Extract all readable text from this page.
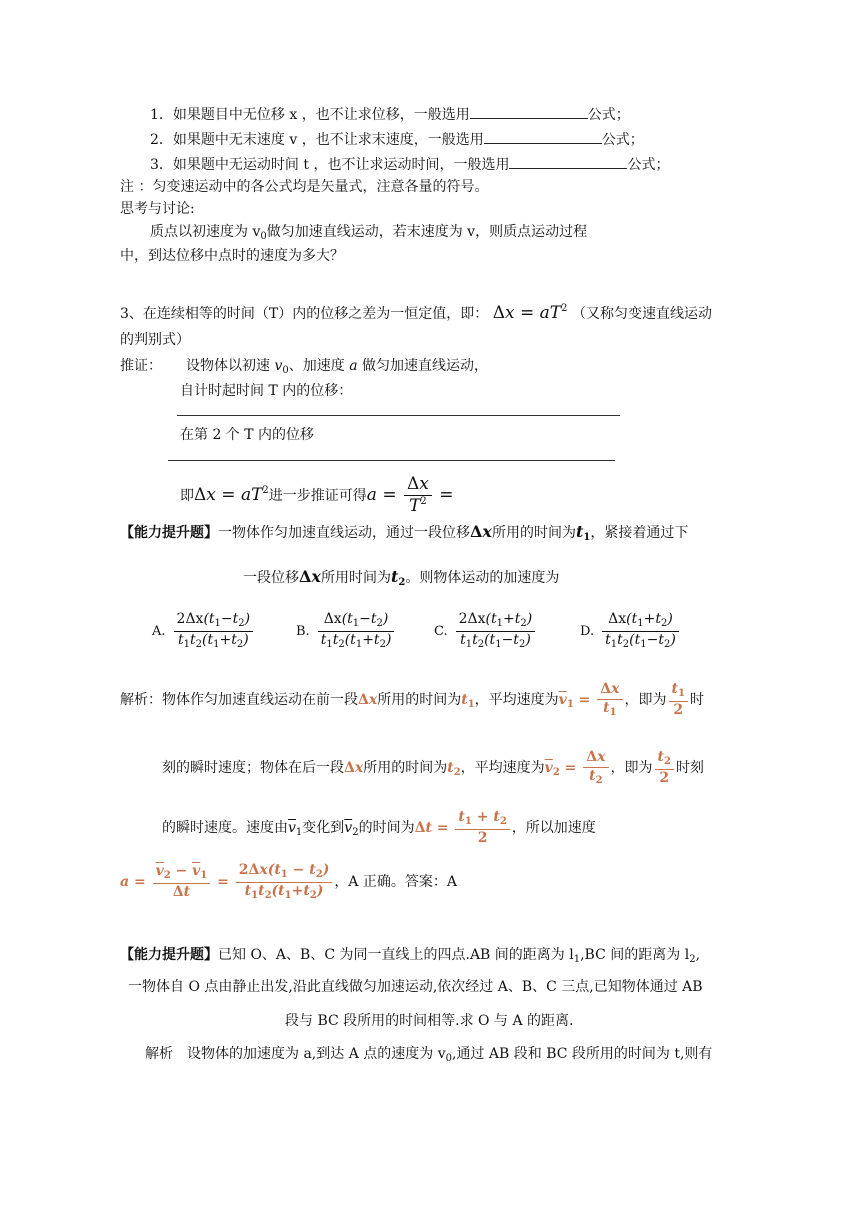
1．如果题目中无位移 x ，也不让求位移，一般选用	公式；
2．如果题中无末速度 v ，也不让求末速度，一般选用	公式；
3．如果题中无运动时间 t ，也不让求运动时间，一般选用	公式；
注 ：匀变速运动中的各公式均是矢量式，注意各量的符号。
思考与讨论:
质点以初速度为 $v_0$做匀加速直线运动，若末速度为 v，则质点运动过程
中，到达位移中点时的速度为多大？
3、在连续相等的时间（T）内的位移之差为一恒定值，即： $\Delta x = aT^2$ （又称匀变速直线运动
的判别式）
推证： 设物体以初速 $v_0$、加速度 a 做匀加速直线运动，
自计时起时间 T 内的位移：
在第 2 个 T 内的位移
即$\Delta x = aT^2$进一步推证可得$a = \frac{\Delta x}{T^2}$ =
【能力提升题】一物体作匀加速直线运动，通过一段位移Δx所用的时间为$t_1$，紧接着通过下
一段位移Δx所用时间为$t_2$。则物体运动的加速度为
A. $\frac{2\Delta x(t_1-t_2)}{t_1t_2(t_1+t_2)}$	B. $\frac{\Delta x(t_1-t_2)}{t_1t_2(t_1+t_2)}$	C. $\frac{2\Delta x(t_1+t_2)}{t_1t_2(t_1-t_2)}$	D. $\frac{\Delta x(t_1+t_2)}{t_1t_2(t_1-t_2)}$
解析：物体作匀加速直线运动在前一段Δx所用的时间为$t_1$，平均速度为$\overline{v}_1 = \frac{\Delta x}{t_1}$ ，即为 $\frac{t_1}{2}$ 时
刻的瞬时速度；物体在后一段Δx所用的时间为$t_2$，平均速度为$\overline{v}_2 = \frac{\Delta x}{t_2}$ ，即为 $\frac{t_2}{2}$ 时刻
的瞬时速度。速度由$\overline{v}_1$变化到$\overline{v}_2$的时间为$\Delta t = \frac{t_1 + t_2}{2}$ ，所以加速度
$a = \frac{\overline{v}_2 - \overline{v}_1}{\Delta t} = \frac{2\Delta x(t_1 - t_2)}{t_1t_2(t_1+t_2)}$ ，A 正确。答案：A
【能力提升题】已知 O、A、B、C 为同一直线上的四点.AB 间的距离为 $l_1,BC$ 间的距离为 $l_2$,
一物体自 O 点由静止出发,沿此直线做匀加速运动,依次经过 A、B、C 三点,已知物体通过 AB
段与 BC 段所用的时间相等.求 O 与 A 的距离.
解析 设物体的加速度为 a,到达 A 点的速度为 $v_0$,通过 AB 段和 BC 段所用的时间为 t,则有
